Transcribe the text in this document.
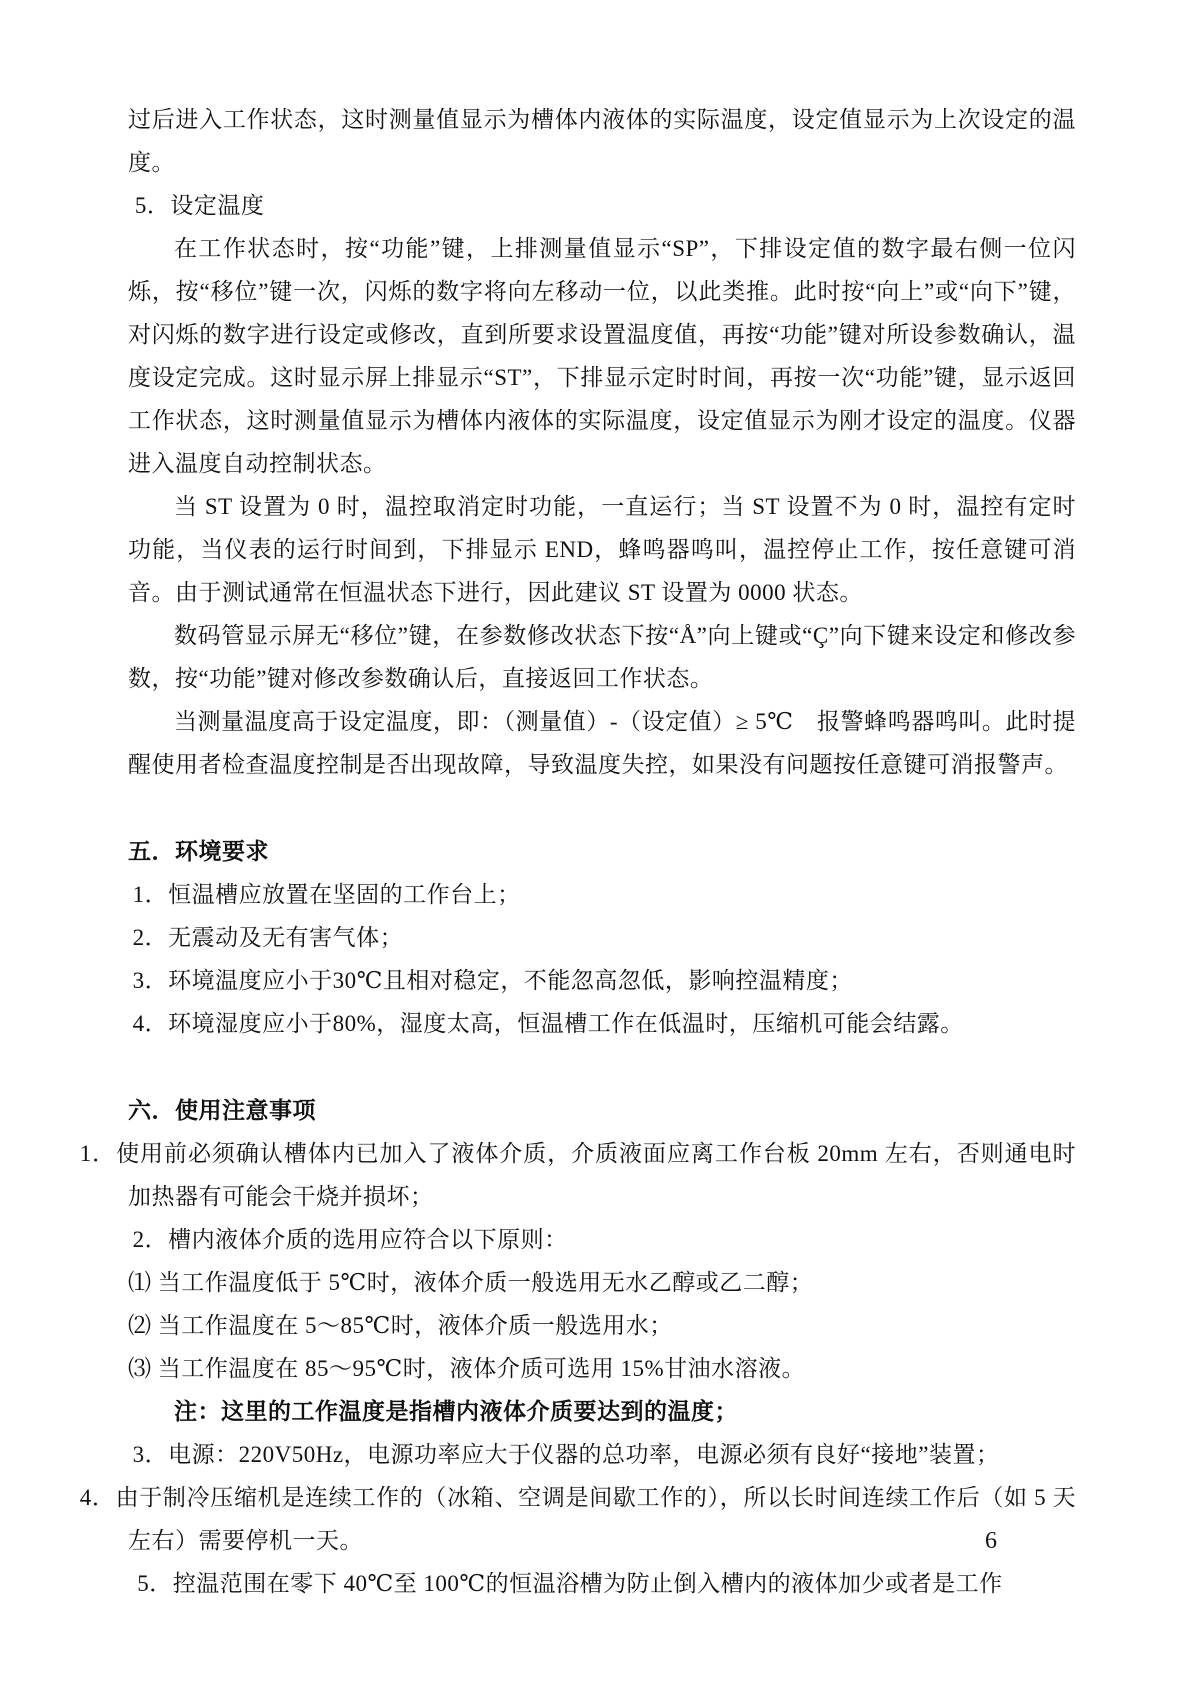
过后进入工作状态，这时测量值显示为槽体内液体的实际温度，设定值显示为上次设定的温度。

5．设定温度

在工作状态时，按“功能”键，上排测量值显示“SP”，下排设定值的数字最右侧一位闪烁，按“移位”键一次，闪烁的数字将向左移动一位，以此类推。此时按“向上”或“向下”键，对闪烁的数字进行设定或修改，直到所要求设置温度值，再按“功能”键对所设参数确认，温度设定完成。这时显示屏上排显示“ST”，下排显示定时时间，再按一次“功能”键，显示返回工作状态，这时测量值显示为槽体内液体的实际温度，设定值显示为刚才设定的温度。仪器进入温度自动控制状态。

当 ST 设置为 0 时，温控取消定时功能，一直运行；当 ST 设置不为 0 时，温控有定时功能，当仪表的运行时间到，下排显示 END，蜂鸣器鸣叫，温控停止工作，按任意键可消音。由于测试通常在恒温状态下进行，因此建议 ST 设置为 0000 状态。

数码管显示屏无“移位”键，在参数修改状态下按“Å”向上键或“Ç”向下键来设定和修改参数，按“功能”键对修改参数确认后，直接返回工作状态。

当测量温度高于设定温度，即：（测量值）-（设定值）≥ 5℃　报警蜂鸣器鸣叫。此时提醒使用者检查温度控制是否出现故障，导致温度失控，如果没有问题按任意键可消报警声。

五．环境要求

1．恒温槽应放置在坚固的工作台上；

2．无震动及无有害气体；

3．环境温度应小于30℃且相对稳定，不能忽高忽低，影响控温精度；

4．环境湿度应小于80%，湿度太高，恒温槽工作在低温时，压缩机可能会结露。

六．使用注意事项

1．使用前必须确认槽体内已加入了液体介质，介质液面应离工作台板 20mm 左右，否则通电时加热器有可能会干烧并损坏；

2．槽内液体介质的选用应符合以下原则：

⑴ 当工作温度低于 5℃时，液体介质一般选用无水乙醇或乙二醇；

⑵ 当工作温度在 5～85℃时，液体介质一般选用水；

⑶ 当工作温度在 85～95℃时，液体介质可选用 15%甘油水溶液。

注：这里的工作温度是指槽内液体介质要达到的温度；

3．电源：220V50Hz，电源功率应大于仪器的总功率，电源必须有良好“接地”装置；

4．由于制冷压缩机是连续工作的（冰箱、空调是间歇工作的），所以长时间连续工作后（如 5 天左右）需要停机一天。

5．控温范围在零下 40℃至 100℃的恒温浴槽为防止倒入槽内的液体加少或者是工作

6
